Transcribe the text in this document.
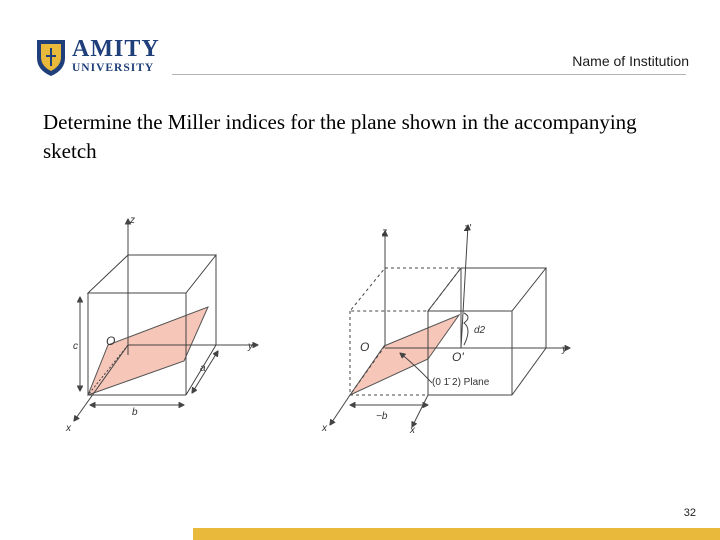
AMITY
UNIVERSITY	Name of Institution
Determine the Miller indices for the plane shown in the accompanying sketch
z
y
x
O
c
b
a
z	z'
y
x	x
O
O'
d2
−b
(0 1̄ 2) Plane
32
